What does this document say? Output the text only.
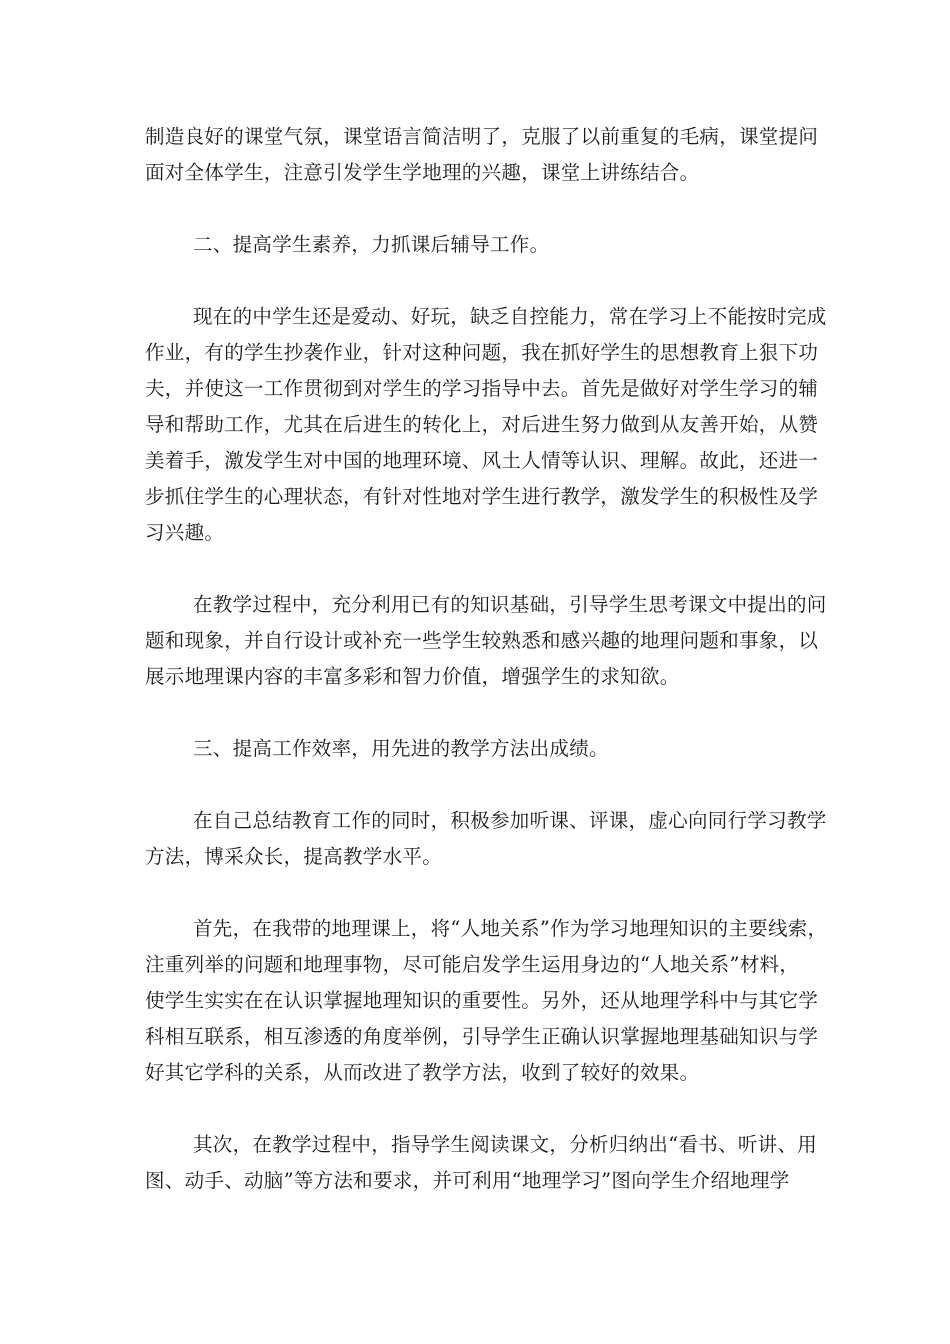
制造良好的课堂气氛，课堂语言简洁明了，克服了以前重复的毛病，课堂提问
面对全体学生，注意引发学生学地理的兴趣，课堂上讲练结合。
二、提高学生素养，力抓课后辅导工作。
现在的中学生还是爱动、好玩，缺乏自控能力，常在学习上不能按时完成
作业，有的学生抄袭作业，针对这种问题，我在抓好学生的思想教育上狠下功
夫，并使这一工作贯彻到对学生的学习指导中去。首先是做好对学生学习的辅
导和帮助工作，尤其在后进生的转化上，对后进生努力做到从友善开始，从赞
美着手，激发学生对中国的地理环境、风土人情等认识、理解。故此，还进一
步抓住学生的心理状态，有针对性地对学生进行教学，激发学生的积极性及学
习兴趣。
在教学过程中，充分利用已有的知识基础，引导学生思考课文中提出的问
题和现象，并自行设计或补充一些学生较熟悉和感兴趣的地理问题和事象，以
展示地理课内容的丰富多彩和智力价值，增强学生的求知欲。
三、提高工作效率，用先进的教学方法出成绩。
在自己总结教育工作的同时，积极参加听课、评课，虚心向同行学习教学
方法，博采众长，提高教学水平。
首先，在我带的地理课上，将“人地关系”作为学习地理知识的主要线索，
注重列举的问题和地理事物，尽可能启发学生运用身边的“人地关系”材料，
使学生实实在在认识掌握地理知识的重要性。另外，还从地理学科中与其它学
科相互联系，相互渗透的角度举例，引导学生正确认识掌握地理基础知识与学
好其它学科的关系，从而改进了教学方法，收到了较好的效果。
其次，在教学过程中，指导学生阅读课文，分析归纳出“看书、听讲、用
图、动手、动脑”等方法和要求，并可利用“地理学习”图向学生介绍地理学
